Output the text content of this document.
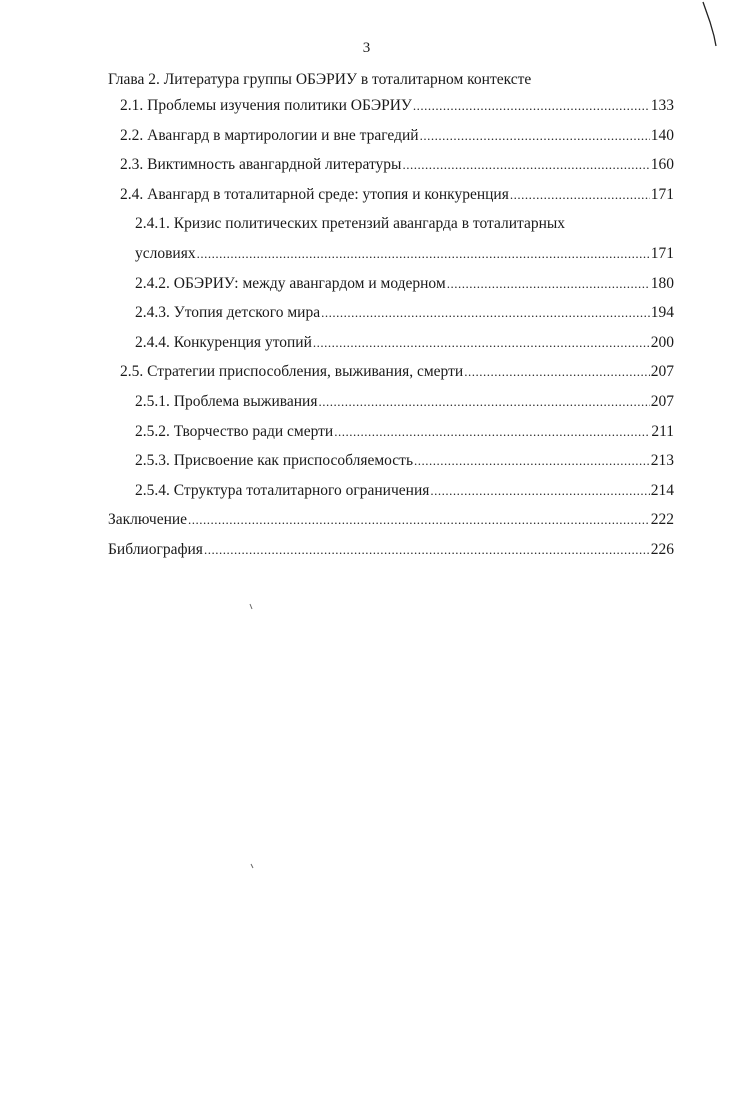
3
Глава 2. Литература группы ОБЭРИУ в тоталитарном контексте
2.1. Проблемы изучения политики ОБЭРИУ .....	133
2.2. Авангард в мартирологии и вне трагедий .....	140
2.3. Виктимность авангардной литературы .....	160
2.4. Авангард в тоталитарной среде: утопия и конкуренция .....	171
2.4.1. Кризис политических претензий авангарда в тоталитарных
условиях .....	171
2.4.2. ОБЭРИУ: между авангардом и модерном .....	180
2.4.3. Утопия детского мира .....	194
2.4.4. Конкуренция утопий .....	200
2.5. Стратегии приспособления, выживания, смерти .....	207
2.5.1. Проблема выживания .....	207
2.5.2. Творчество ради смерти .....	211
2.5.3. Присвоение как приспособляемость .....	213
2.5.4. Структура тоталитарного ограничения .....	214
Заключение .....	222
Библиография .....	226
